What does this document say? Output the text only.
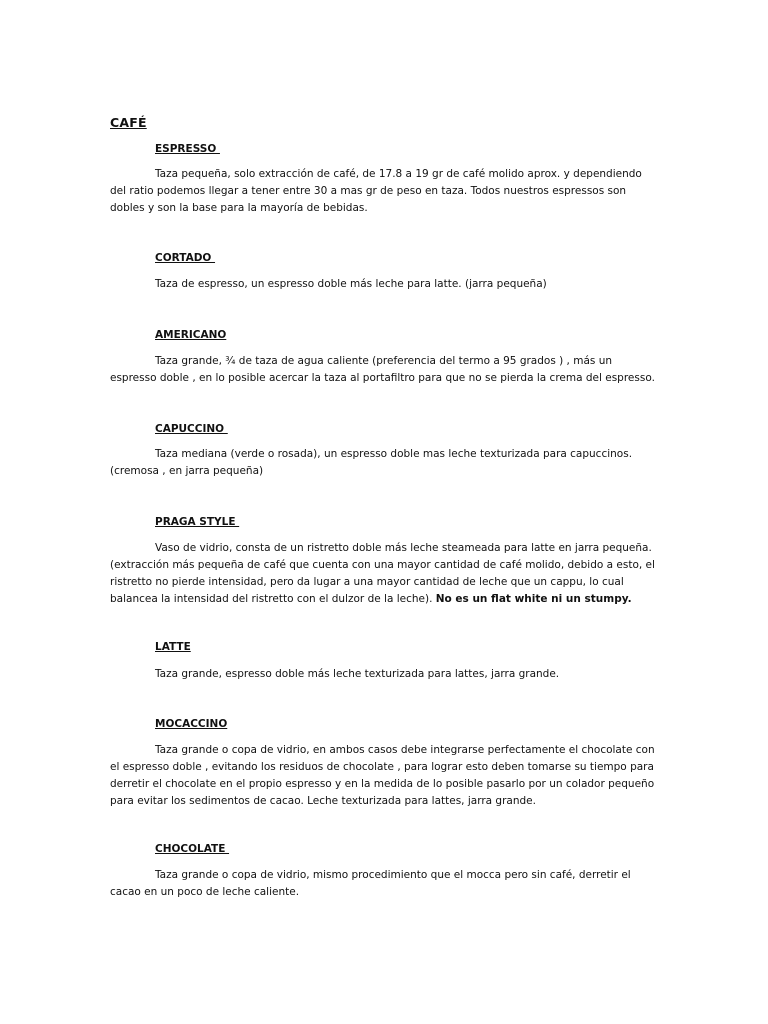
CAFÉ
ESPRESSO
Taza pequeña, solo extracción de café, de 17.8 a 19 gr de café molido aprox. y dependiendo del ratio podemos llegar a tener entre 30 a mas gr de peso en taza. Todos nuestros espressos son dobles y son la base para la mayoría de bebidas.
CORTADO
Taza de espresso, un espresso doble más leche para latte. (jarra pequeña)
AMERICANO
Taza grande, ¾ de taza de agua caliente (preferencia del termo a 95 grados ) , más un espresso doble , en lo posible acercar la taza al portafiltro para que no se pierda la crema del espresso.
CAPUCCINO
Taza mediana (verde o rosada), un espresso doble mas leche texturizada para capuccinos. (cremosa , en jarra pequeña)
PRAGA STYLE
Vaso de vidrio, consta de un ristretto doble más leche steameada para latte en jarra pequeña. (extracción más pequeña de café que cuenta con una mayor cantidad de café molido, debido a esto, el ristretto no pierde intensidad, pero da lugar a una mayor cantidad de leche que un cappu, lo cual balancea la intensidad del ristretto con el dulzor de la leche). No es un flat white ni un stumpy.
LATTE
Taza grande, espresso doble más leche texturizada para lattes, jarra grande.
MOCACCINO
Taza grande o copa de vidrio, en ambos casos debe integrarse perfectamente el chocolate con el espresso doble , evitando los residuos de chocolate , para lograr esto deben tomarse su tiempo para derretir el chocolate en el propio espresso y en la medida de lo posible pasarlo por un colador pequeño para evitar los sedimentos de cacao. Leche texturizada para lattes, jarra grande.
CHOCOLATE
Taza grande o copa de vidrio, mismo procedimiento que el mocca pero sin café, derretir el cacao en un poco de leche caliente.
